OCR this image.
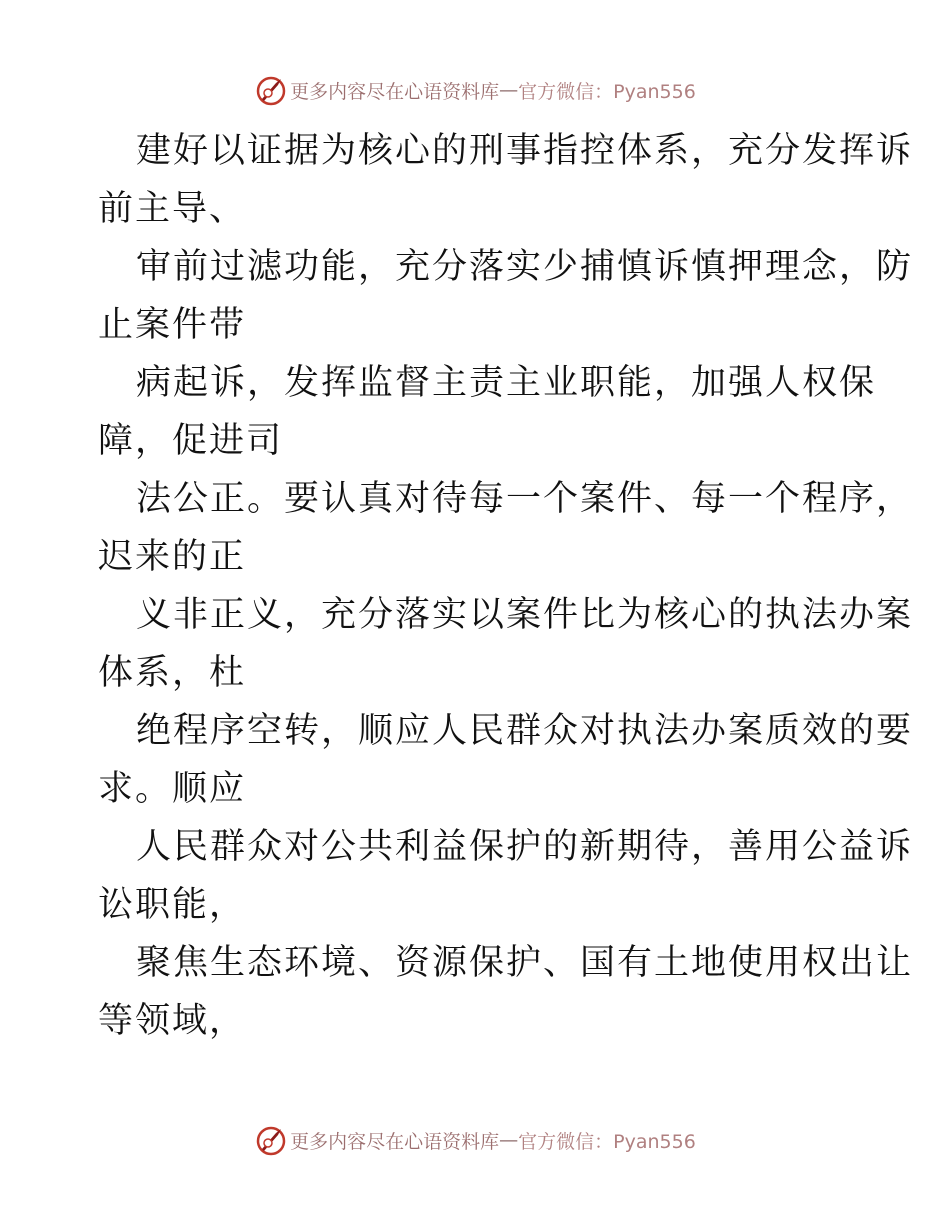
更多内容尽在心语资料库 — 官方微信：Pyan556
建好以证据为核心的刑事指控体系，充分发挥诉
前主导、
审前过滤功能，充分落实少捕慎诉慎押理念，防
止案件带
病起诉，发挥监督主责主业职能，加强人权保
障，促进司
法公正。要认真对待每一个案件、每一个程序，
迟来的正
义非正义，充分落实以案件比为核心的执法办案
体系，杜
绝程序空转，顺应人民群众对执法办案质效的要
求。顺应
人民群众对公共利益保护的新期待，善用公益诉
讼职能，
聚焦生态环境、资源保护、国有土地使用权出让
等领域，
更多内容尽在心语资料库 — 官方微信：Pyan556
